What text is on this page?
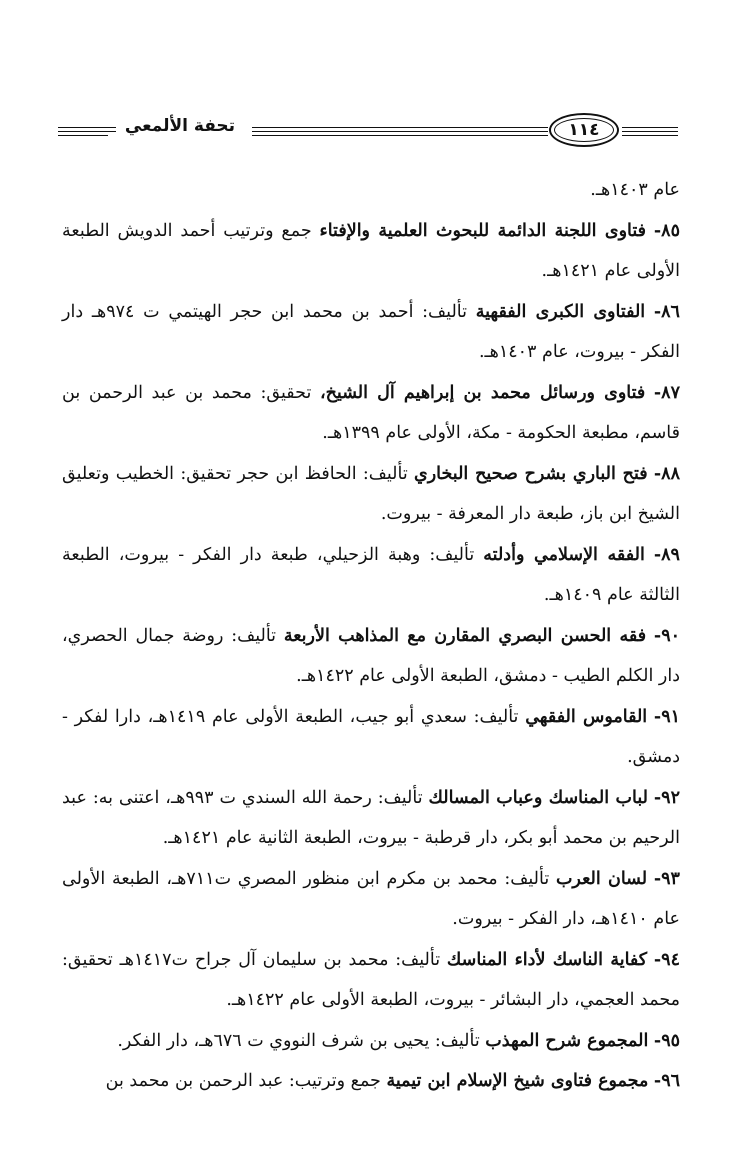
تحفة الألمعي	١١٤

عام ١٤٠٣هـ.

٨٥- فتاوى اللجنة الدائمة للبحوث العلمية والإفتاء جمع وترتيب أحمد الدويش الطبعة الأولى عام ١٤٢١هـ.

٨٦- الفتاوى الكبرى الفقهية تأليف: أحمد بن محمد ابن حجر الهيتمي ت ٩٧٤هـ دار الفكر - بيروت، عام ١٤٠٣هـ.

٨٧- فتاوى ورسائل محمد بن إبراهيم آل الشيخ، تحقيق: محمد بن عبد الرحمن بن قاسم، مطبعة الحكومة - مكة، الأولى عام ١٣٩٩هـ.

٨٨- فتح الباري بشرح صحيح البخاري تأليف: الحافظ ابن حجر تحقيق: الخطيب وتعليق الشيخ ابن باز، طبعة دار المعرفة - بيروت.

٨٩- الفقه الإسلامي وأدلته تأليف: وهبة الزحيلي، طبعة دار الفكر - بيروت، الطبعة الثالثة عام ١٤٠٩هـ.

٩٠- فقه الحسن البصري المقارن مع المذاهب الأربعة تأليف: روضة جمال الحصري، دار الكلم الطيب - دمشق، الطبعة الأولى عام ١٤٢٢هـ.

٩١- القاموس الفقهي تأليف: سعدي أبو جيب، الطبعة الأولى عام ١٤١٩هـ، دارا لفكر - دمشق.

٩٢- لباب المناسك وعباب المسالك تأليف: رحمة الله السندي ت ٩٩٣هـ، اعتنى به: عبد الرحيم بن محمد أبو بكر، دار قرطبة - بيروت، الطبعة الثانية عام ١٤٢١هـ.

٩٣- لسان العرب تأليف: محمد بن مكرم ابن منظور المصري ت٧١١هـ، الطبعة الأولى عام ١٤١٠هـ، دار الفكر - بيروت.

٩٤- كفاية الناسك لأداء المناسك تأليف: محمد بن سليمان آل جراح ت١٤١٧هـ تحقيق: محمد العجمي، دار البشائر - بيروت، الطبعة الأولى عام ١٤٢٢هـ.

٩٥- المجموع شرح المهذب تأليف: يحيى بن شرف النووي ت ٦٧٦هـ، دار الفكر.

٩٦- مجموع فتاوى شيخ الإسلام ابن تيمية جمع وترتيب: عبد الرحمن بن محمد بن
